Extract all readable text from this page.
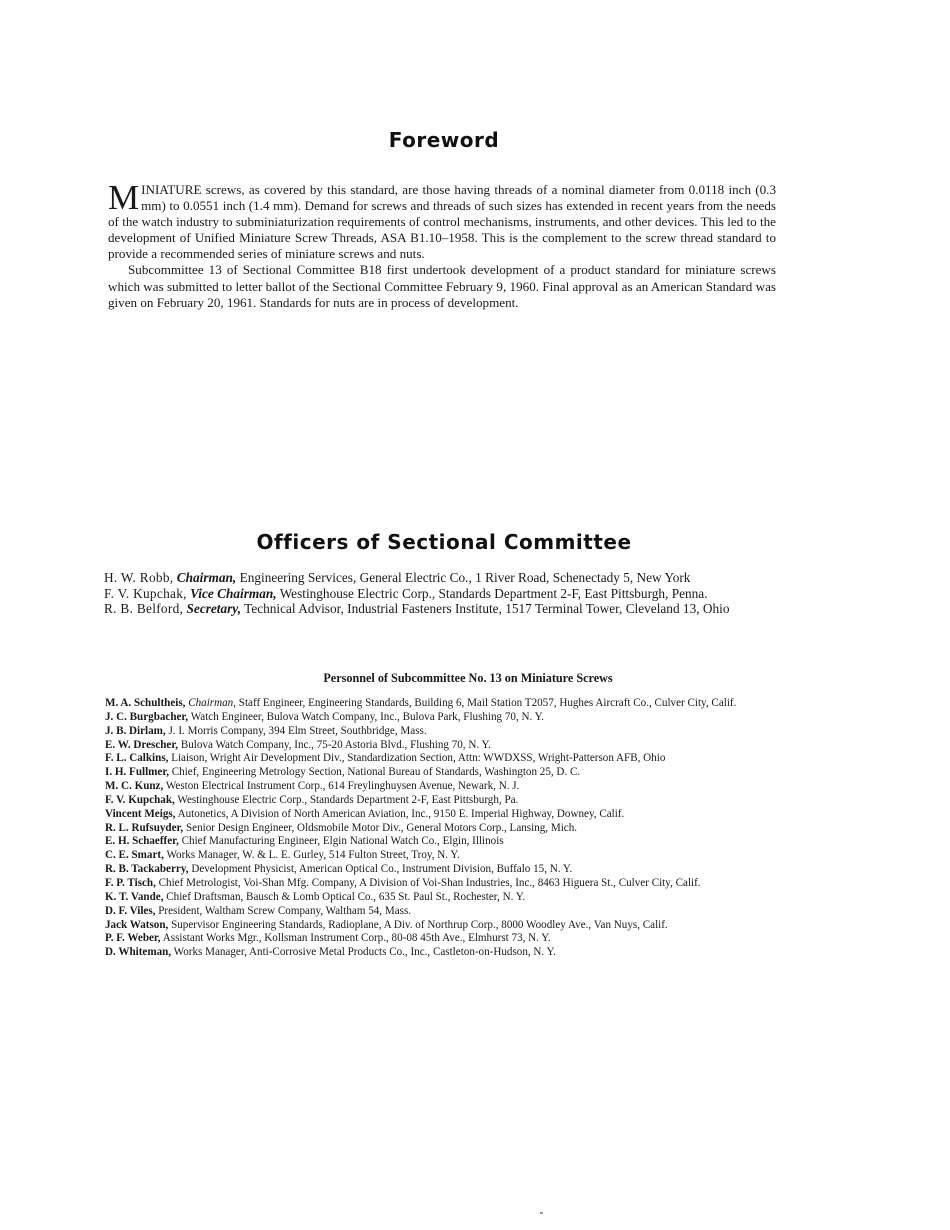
Foreword

MINIATURE screws, as covered by this standard, are those having threads of a nominal diameter from 0.0118 inch (0.3 mm) to 0.0551 inch (1.4 mm). Demand for screws and threads of such sizes has extended in recent years from the needs of the watch industry to subminiaturization requirements of control mechanisms, instruments, and other devices. This led to the development of Unified Miniature Screw Threads, ASA B1.10–1958. This is the complement to the screw thread standard to provide a recommended series of miniature screws and nuts.

Subcommittee 13 of Sectional Committee B18 first undertook development of a product standard for miniature screws which was submitted to letter ballot of the Sectional Committee February 9, 1960. Final approval as an American Standard was given on February 20, 1961. Standards for nuts are in process of development.

Officers of Sectional Committee
H. W. Robb, Chairman, Engineering Services, General Electric Co., 1 River Road, Schenectady 5, New York
F. V. Kupchak, Vice Chairman, Westinghouse Electric Corp., Standards Department 2-F, East Pittsburgh, Penna.
R. B. Belford, Secretary, Technical Advisor, Industrial Fasteners Institute, 1517 Terminal Tower, Cleveland 13, Ohio
Personnel of Subcommittee No. 13 on Miniature Screws
M. A. Schultheis, Chairman, Staff Engineer, Engineering Standards, Building 6, Mail Station T2057, Hughes Aircraft Co., Culver City, Calif.
J. C. Burgbacher, Watch Engineer, Bulova Watch Company, Inc., Bulova Park, Flushing 70, N. Y.
J. B. Dirlam, J. I. Morris Company, 394 Elm Street, Southbridge, Mass.
E. W. Drescher, Bulova Watch Company, Inc., 75-20 Astoria Blvd., Flushing 70, N. Y.
F. L. Calkins, Liaison, Wright Air Development Div., Standardization Section, Attn: WWDXSS, Wright-Patterson AFB, Ohio
I. H. Fullmer, Chief, Engineering Metrology Section, National Bureau of Standards, Washington 25, D. C.
M. C. Kunz, Weston Electrical Instrument Corp., 614 Freylinghuysen Avenue, Newark, N. J.
F. V. Kupchak, Westinghouse Electric Corp., Standards Department 2-F, East Pittsburgh, Pa.
Vincent Meigs, Autonetics, A Division of North American Aviation, Inc., 9150 E. Imperial Highway, Downey, Calif.
R. L. Rufsuyder, Senior Design Engineer, Oldsmobile Motor Div., General Motors Corp., Lansing, Mich.
E. H. Schaeffer, Chief Manufacturing Engineer, Elgin National Watch Co., Elgin, Illinois
C. E. Smart, Works Manager, W. & L. E. Gurley, 514 Fulton Street, Troy, N. Y.
R. B. Tackaberry, Development Physicist, American Optical Co., Instrument Division, Buffalo 15, N. Y.
F. P. Tisch, Chief Metrologist, Voi-Shan Mfg. Company, A Division of Voi-Shan Industries, Inc., 8463 Higuera St., Culver City, Calif.
K. T. Vande, Chief Draftsman, Bausch & Lomb Optical Co., 635 St. Paul St., Rochester, N. Y.
D. F. Viles, President, Waltham Screw Company, Waltham 54, Mass.
Jack Watson, Supervisor Engineering Standards, Radioplane, A Div. of Northrup Corp., 8000 Woodley Ave., Van Nuys, Calif.
P. F. Weber, Assistant Works Mgr., Kollsman Instrument Corp., 80-08 45th Ave., Elmhurst 73, N. Y.
D. Whiteman, Works Manager, Anti-Corrosive Metal Products Co., Inc., Castleton-on-Hudson, N. Y.
